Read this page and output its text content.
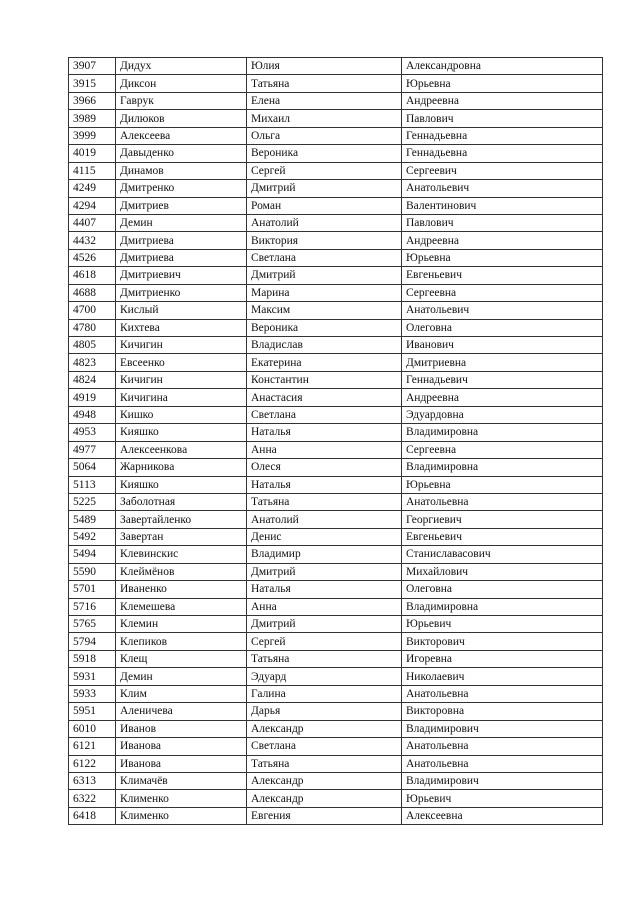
3907	Дидух	Юлия	Александровна
3915	Диксон	Татьяна	Юрьевна
3966	Гаврук	Елена	Андреевна
3989	Дилюков	Михаил	Павлович
3999	Алексеева	Ольга	Геннадьевна
4019	Давыденко	Вероника	Геннадьевна
4115	Динамов	Сергей	Сергеевич
4249	Дмитренко	Дмитрий	Анатольевич
4294	Дмитриев	Роман	Валентинович
4407	Демин	Анатолий	Павлович
4432	Дмитриева	Виктория	Андреевна
4526	Дмитриева	Светлана	Юрьевна
4618	Дмитриевич	Дмитрий	Евгеньевич
4688	Дмитриенко	Марина	Сергеевна
4700	Кислый	Максим	Анатольевич
4780	Кихтева	Вероника	Олеговна
4805	Кичигин	Владислав	Иванович
4823	Евсеенко	Екатерина	Дмитриевна
4824	Кичигин	Константин	Геннадьевич
4919	Кичигина	Анастасия	Андреевна
4948	Кишко	Светлана	Эдуардовна
4953	Кияшко	Наталья	Владимировна
4977	Алексеенкова	Анна	Сергеевна
5064	Жарникова	Олеся	Владимировна
5113	Кияшко	Наталья	Юрьевна
5225	Заболотная	Татьяна	Анатольевна
5489	Завертайленко	Анатолий	Георгиевич
5492	Завертан	Денис	Евгеньевич
5494	Клевинскис	Владимир	Станиславасович
5590	Клеймёнов	Дмитрий	Михайлович
5701	Иваненко	Наталья	Олеговна
5716	Клемешева	Анна	Владимировна
5765	Клемин	Дмитрий	Юрьевич
5794	Клепиков	Сергей	Викторович
5918	Клещ	Татьяна	Игоревна
5931	Демин	Эдуард	Николаевич
5933	Клим	Галина	Анатольевна
5951	Аленичева	Дарья	Викторовна
6010	Иванов	Александр	Владимирович
6121	Иванова	Светлана	Анатольевна
6122	Иванова	Татьяна	Анатольевна
6313	Климачёв	Александр	Владимирович
6322	Клименко	Александр	Юрьевич
6418	Клименко	Евгения	Алексеевна
